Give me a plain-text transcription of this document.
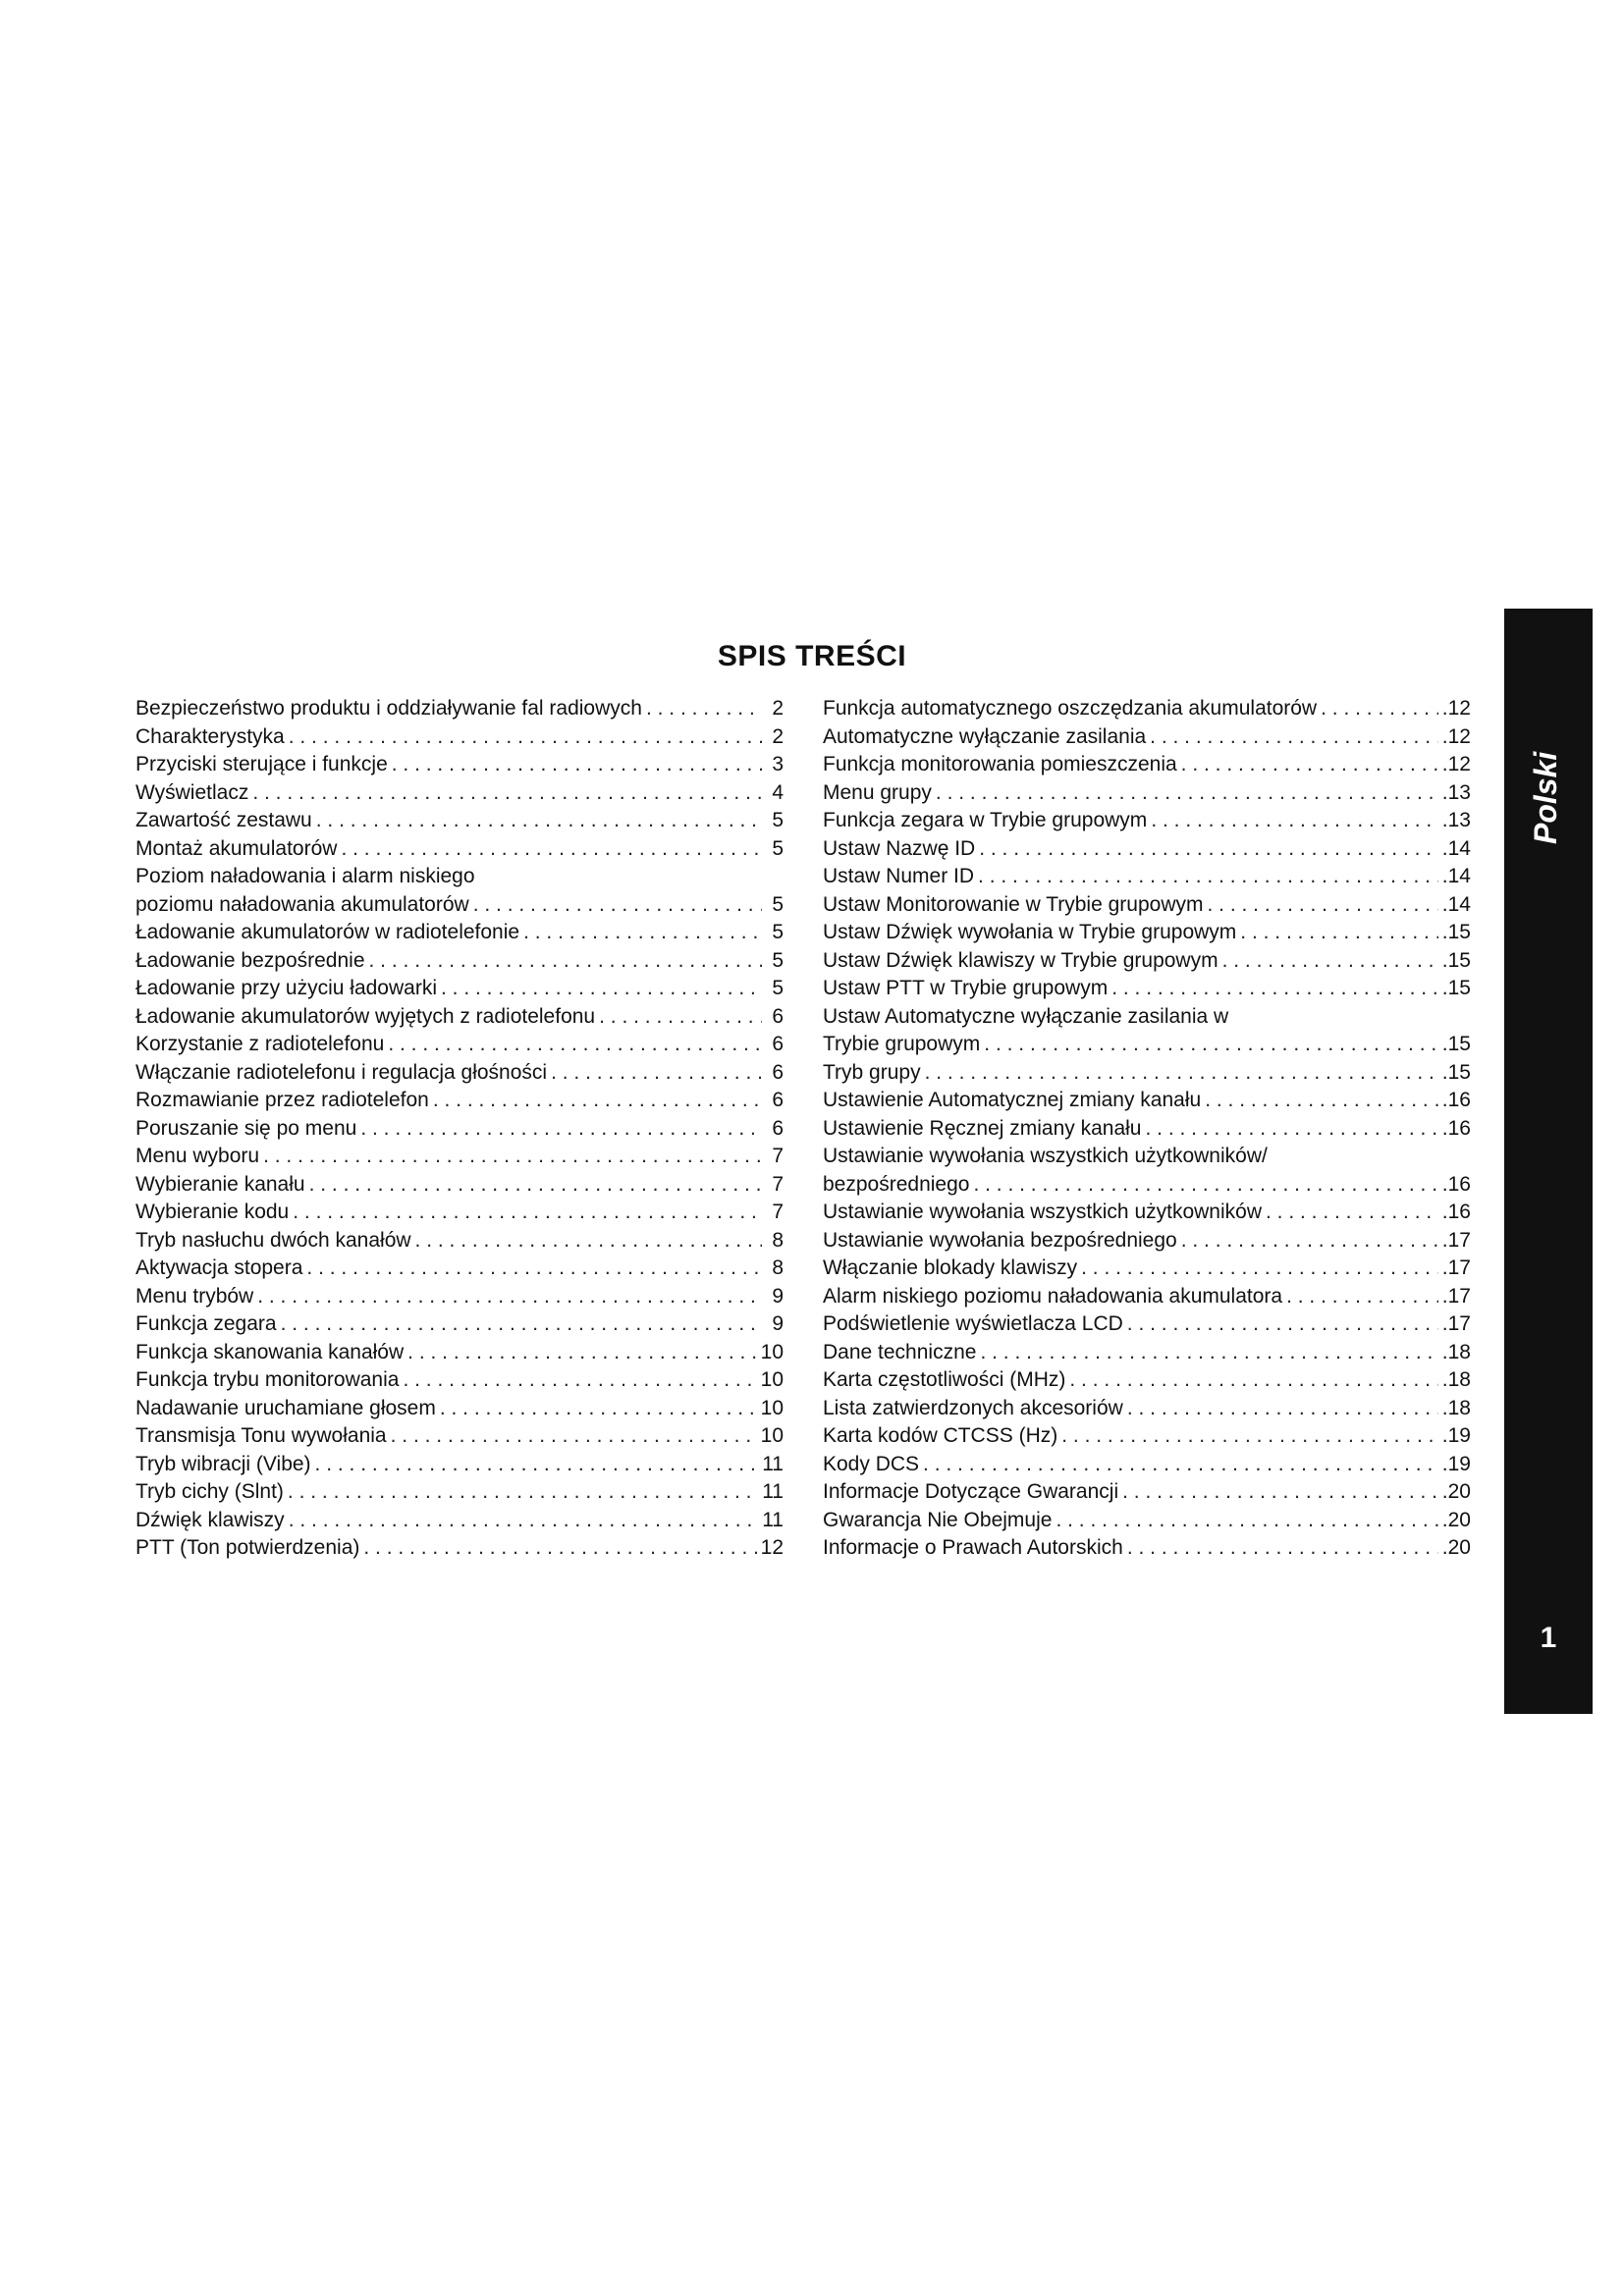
SPIS TREŚCI
Bezpieczeństwo produktu i oddziaływanie fal radiowych . . .	2
Charakterystyka . . .	2
Przyciski sterujące i funkcje . . .	3
Wyświetlacz . . .	4
Zawartość zestawu . . .	5
Montaż akumulatorów . . .	5
Poziom naładowania i alarm niskiego
poziomu naładowania akumulatorów . . .	5
Ładowanie akumulatorów w radiotelefonie . . .	5
Ładowanie bezpośrednie . . .	5
Ładowanie przy użyciu ładowarki . . .	5
Ładowanie akumulatorów wyjętych z radiotelefonu . . .	6
Korzystanie z radiotelefonu . . .	6
Włączanie radiotelefonu i regulacja głośności . . .	6
Rozmawianie przez radiotelefon . . .	6
Poruszanie się po menu . . .	6
Menu wyboru . . .	7
Wybieranie kanału . . .	7
Wybieranie kodu . . .	7
Tryb nasłuchu dwóch kanałów . . .	8
Aktywacja stopera . . .	8
Menu trybów . . .	9
Funkcja zegara . . .	9
Funkcja skanowania kanałów . . .	10
Funkcja trybu monitorowania . . .	10
Nadawanie uruchamiane głosem . . .	10
Transmisja Tonu wywołania . . .	10
Tryb wibracji (Vibe) . . .	11
Tryb cichy (Slnt) . . .	11
Dźwięk klawiszy . . .	11
PTT (Ton potwierdzenia) . . .	12
Funkcja automatycznego oszczędzania akumulatorów . . .	.12
Automatyczne wyłączanie zasilania . . .	.12
Funkcja monitorowania pomieszczenia . . .	.12
Menu grupy . . .	.13
Funkcja zegara w Trybie grupowym . . .	.13
Ustaw Nazwę ID . . .	.14
Ustaw Numer ID . . .	.14
Ustaw Monitorowanie w Trybie grupowym . . .	.14
Ustaw Dźwięk wywołania w Trybie grupowym . . .	.15
Ustaw Dźwięk klawiszy w Trybie grupowym . . .	.15
Ustaw PTT w Trybie grupowym . . .	.15
Ustaw Automatyczne wyłączanie zasilania w
Trybie grupowym . . .	.15
Tryb grupy . . .	.15
Ustawienie Automatycznej zmiany kanału . . .	.16
Ustawienie Ręcznej zmiany kanału . . .	.16
Ustawianie wywołania wszystkich użytkowników/
bezpośredniego . . .	.16
Ustawianie wywołania wszystkich użytkowników . . .	.16
Ustawianie wywołania bezpośredniego . . .	.17
Włączanie blokady klawiszy . . .	.17
Alarm niskiego poziomu naładowania akumulatora . . .	.17
Podświetlenie wyświetlacza LCD . . .	.17
Dane techniczne . . .	.18
Karta częstotliwości (MHz) . . .	.18
Lista zatwierdzonych akcesoriów . . .	.18
Karta kodów CTCSS (Hz) . . .	.19
Kody DCS . . .	.19
Informacje Dotyczące Gwarancji . . .	.20
Gwarancja Nie Obejmuje . . .	.20
Informacje o Prawach Autorskich . . .	.20
Polski
1
